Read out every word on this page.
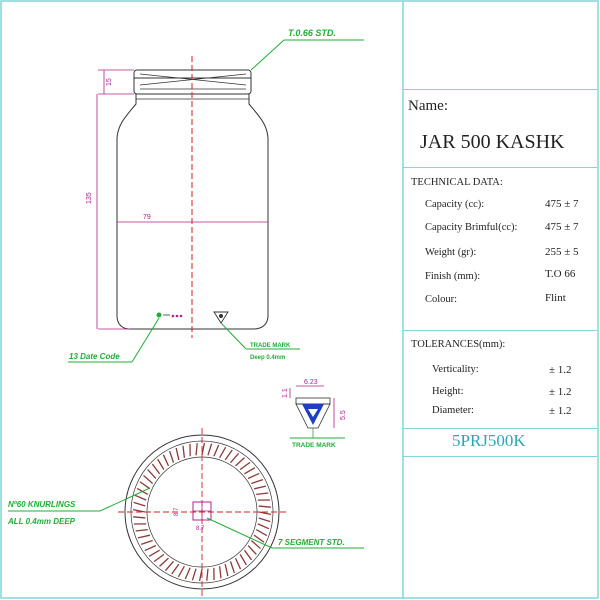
15
135
79
T.0.66 STD.
13 Date Code
TRADE MARK
Deep 0.4mm
6.23
1.1
5.5
TRADE MARK
8.7
8.7
Nº60 KNURLINGS
ALL 0.4mm DEEP
7 SEGMENT STD.
Name:
JAR 500 KASHK
TECHNICAL DATA:
Capacity (cc):	475 ± 7
Capacity Brimful(cc):	475 ± 7
Weight (gr):	255 ± 5
Finish (mm):	T.O 66
Colour:	Flint
TOLERANCES(mm):
Verticality:	± 1.2
Height:	± 1.2
Diameter:	± 1.2
5PRJ500K
